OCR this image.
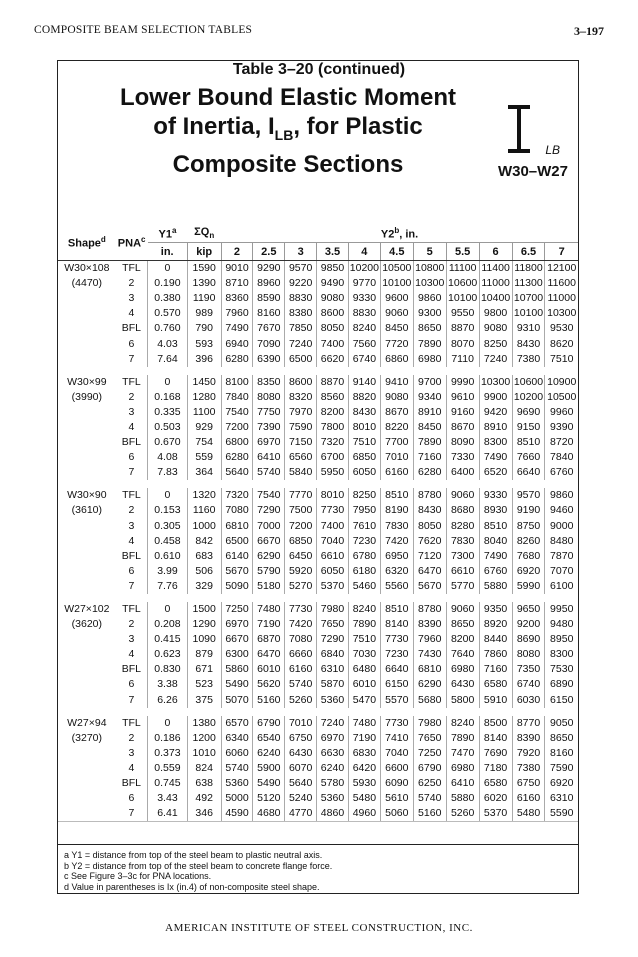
COMPOSITE BEAM SELECTION TABLES	3–197
Table 3–20 (continued)
Lower Bound Elastic Moment
of Inertia, $I_{LB}$, for Plastic
Composite Sections
LB
W30–W27
Shape$^d$	PNA$^c$	Y1$^a$	$\Sigma Q_n$	Y2$^b$, in.										
		in.	kip	2	2.5	3	3.5	4	4.5	5	5.5	6	6.5	7
W30×108	TFL	0	1590	9010	9290	9570	9850	10200	10500	10800	11100	11400	11800	12100
(4470)	2	0.190	1390	8710	8960	9220	9490	9770	10100	10300	10600	11000	11300	11600
	3	0.380	1190	8360	8590	8830	9080	9330	9600	9860	10100	10400	10700	11000
	4	0.570	989	7960	8160	8380	8600	8830	9060	9300	9550	9800	10100	10300
	BFL	0.760	790	7490	7670	7850	8050	8240	8450	8650	8870	9080	9310	9530
	6	4.03	593	6940	7090	7240	7400	7560	7720	7890	8070	8250	8430	8620
	7	7.64	396	6280	6390	6500	6620	6740	6860	6980	7110	7240	7380	7510

W30×99	TFL	0	1450	8100	8350	8600	8870	9140	9410	9700	9990	10300	10600	10900
(3990)	2	0.168	1280	7840	8080	8320	8560	8820	9080	9340	9610	9900	10200	10500
	3	0.335	1100	7540	7750	7970	8200	8430	8670	8910	9160	9420	9690	9960
	4	0.503	929	7200	7390	7590	7800	8010	8220	8450	8670	8910	9150	9390
	BFL	0.670	754	6800	6970	7150	7320	7510	7700	7890	8090	8300	8510	8720
	6	4.08	559	6280	6410	6560	6700	6850	7010	7160	7330	7490	7660	7840
	7	7.83	364	5640	5740	5840	5950	6050	6160	6280	6400	6520	6640	6760

W30×90	TFL	0	1320	7320	7540	7770	8010	8250	8510	8780	9060	9330	9570	9860
(3610)	2	0.153	1160	7080	7290	7500	7730	7950	8190	8430	8680	8930	9190	9460
	3	0.305	1000	6810	7000	7200	7400	7610	7830	8050	8280	8510	8750	9000
	4	0.458	842	6500	6670	6850	7040	7230	7420	7620	7830	8040	8260	8480
	BFL	0.610	683	6140	6290	6450	6610	6780	6950	7120	7300	7490	7680	7870
	6	3.99	506	5670	5790	5920	6050	6180	6320	6470	6610	6760	6920	7070
	7	7.76	329	5090	5180	5270	5370	5460	5560	5670	5770	5880	5990	6100

W27×102	TFL	0	1500	7250	7480	7730	7980	8240	8510	8780	9060	9350	9650	9950
(3620)	2	0.208	1290	6970	7190	7420	7650	7890	8140	8390	8650	8920	9200	9480
	3	0.415	1090	6670	6870	7080	7290	7510	7730	7960	8200	8440	8690	8950
	4	0.623	879	6300	6470	6660	6840	7030	7230	7430	7640	7860	8080	8300
	BFL	0.830	671	5860	6010	6160	6310	6480	6640	6810	6980	7160	7350	7530
	6	3.38	523	5490	5620	5740	5870	6010	6150	6290	6430	6580	6740	6890
	7	6.26	375	5070	5160	5260	5360	5470	5570	5680	5800	5910	6030	6150

W27×94	TFL	0	1380	6570	6790	7010	7240	7480	7730	7980	8240	8500	8770	9050
(3270)	2	0.186	1200	6340	6540	6750	6970	7190	7410	7650	7890	8140	8390	8650
	3	0.373	1010	6060	6240	6430	6630	6830	7040	7250	7470	7690	7920	8160
	4	0.559	824	5740	5900	6070	6240	6420	6600	6790	6980	7180	7380	7590
	BFL	0.745	638	5360	5490	5640	5780	5930	6090	6250	6410	6580	6750	6920
	6	3.43	492	5000	5120	5240	5360	5480	5610	5740	5880	6020	6160	6310
	7	6.41	346	4590	4680	4770	4860	4960	5060	5160	5260	5370	5480	5590
a Y1 = distance from top of the steel beam to plastic neutral axis.
b Y2 = distance from top of the steel beam to concrete flange force.
c See Figure 3–3c for PNA locations.
d Value in parentheses is Ix (in.4) of non-composite steel shape.
AMERICAN INSTITUTE OF STEEL CONSTRUCTION, INC.
